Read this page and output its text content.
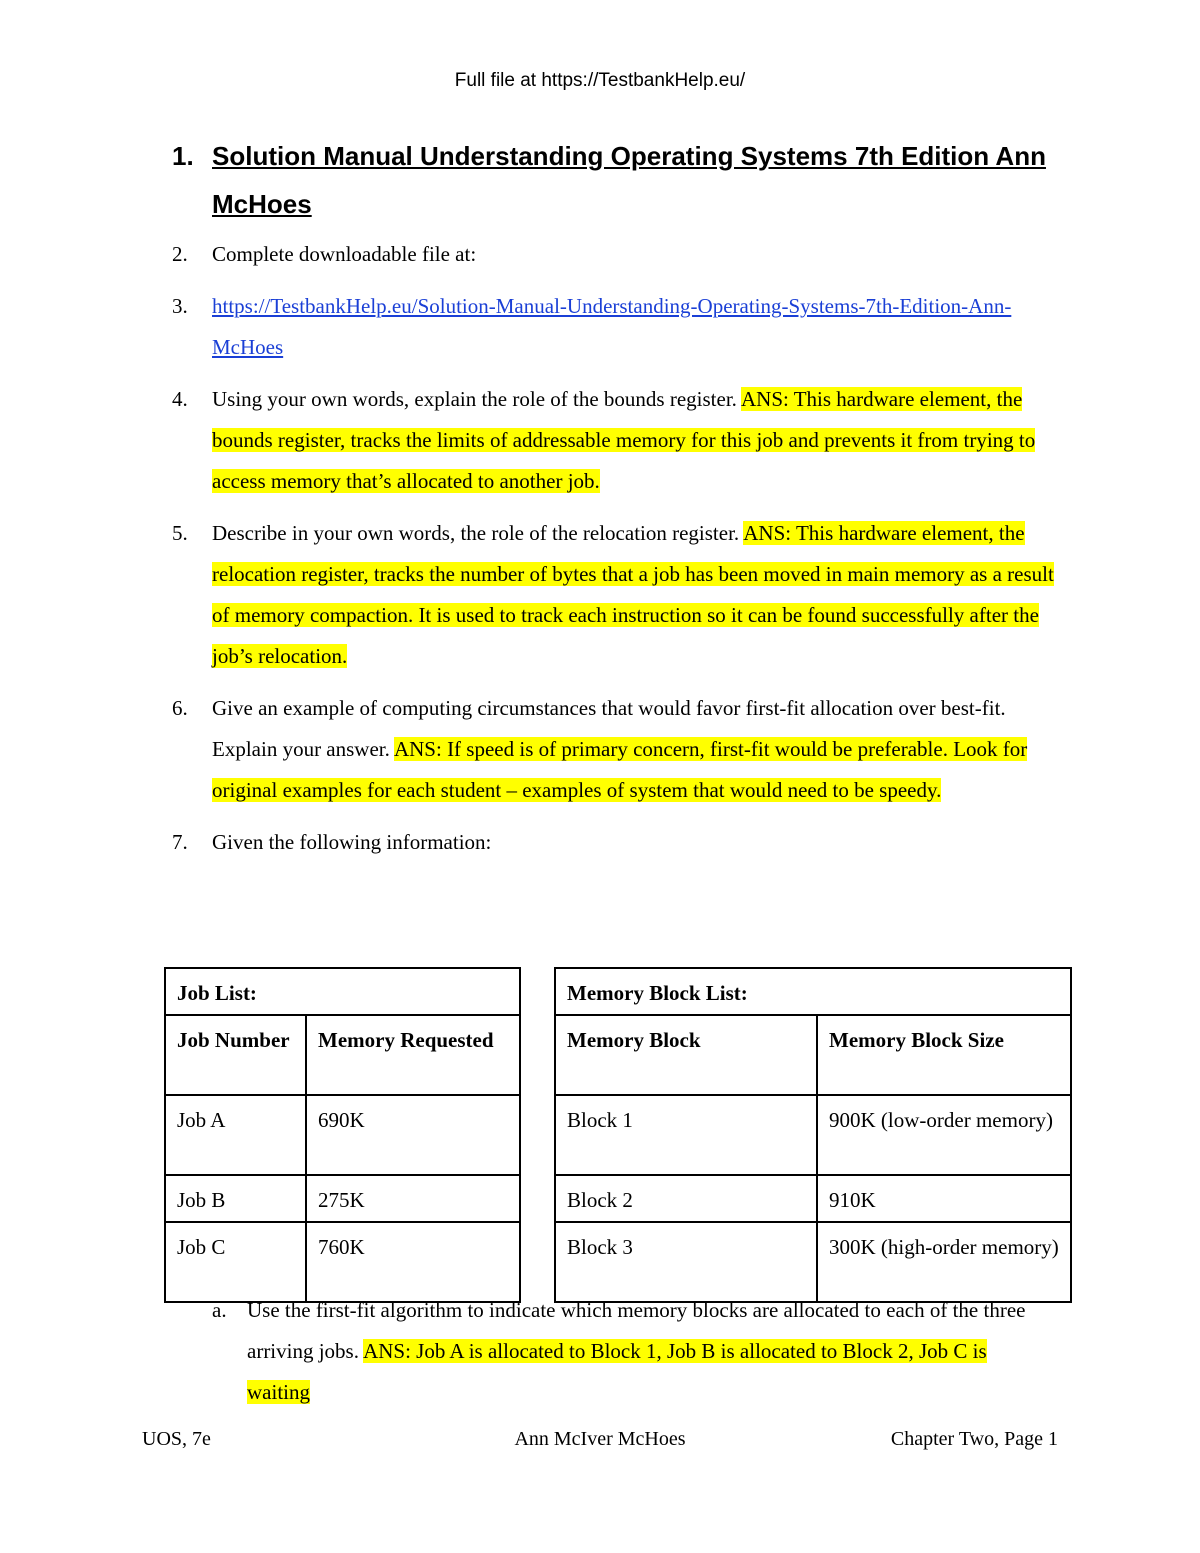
Full file at https://TestbankHelp.eu/
1. Solution Manual Understanding Operating Systems 7th Edition Ann McHoes
2. Complete downloadable file at:
3. https://TestbankHelp.eu/Solution-Manual-Understanding-Operating-Systems-7th-Edition-Ann-McHoes
4. Using your own words, explain the role of the bounds register. ANS: This hardware element, the bounds register, tracks the limits of addressable memory for this job and prevents it from trying to access memory that’s allocated to another job.
5. Describe in your own words, the role of the relocation register. ANS: This hardware element, the relocation register, tracks the number of bytes that a job has been moved in main memory as a result of memory compaction. It is used to track each instruction so it can be found successfully after the job’s relocation.
6. Give an example of computing circumstances that would favor first-fit allocation over best-fit. Explain your answer. ANS: If speed is of primary concern, first-fit would be preferable. Look for original examples for each student – examples of system that would need to be speedy.
7. Given the following information:
Job List:	
Job Number	Memory Requested
Job A	690K
Job B	275K
Job C	760K
Memory Block List:	
Memory Block	Memory Block Size
Block 1	900K (low-order memory)
Block 2	910K
Block 3	300K (high-order memory)
a. Use the first-fit algorithm to indicate which memory blocks are allocated to each of the three arriving jobs. ANS: Job A is allocated to Block 1, Job B is allocated to Block 2, Job C is waiting
Ann McIver McHoes
UOS, 7e	Chapter Two, Page 1
